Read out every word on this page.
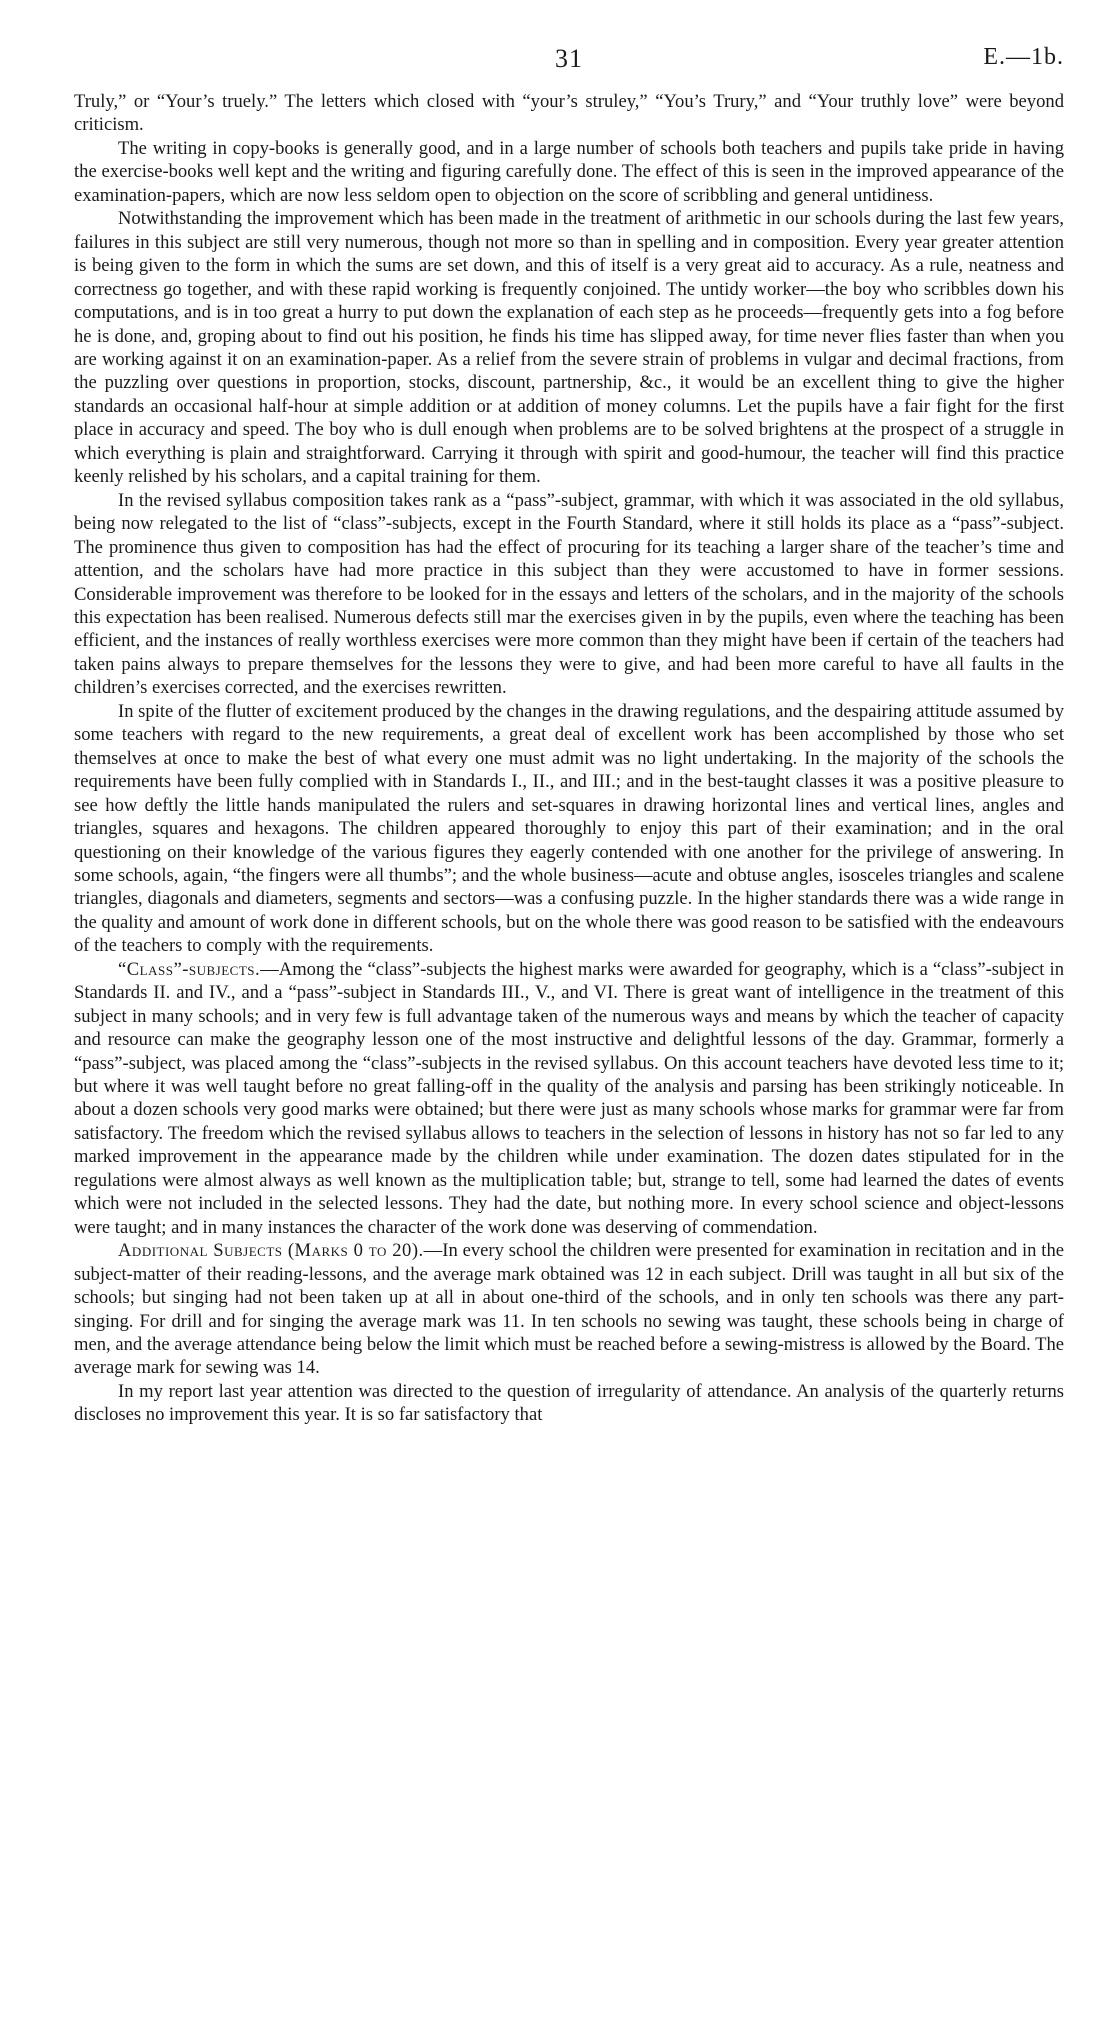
31	E.—1b.

Truly,” or “Your’s truely.” The letters which closed with “your’s struley,” “You’s Trury,” and “Your truthly love” were beyond criticism.

The writing in copy-books is generally good, and in a large number of schools both teachers and pupils take pride in having the exercise-books well kept and the writing and figuring carefully done. The effect of this is seen in the improved appearance of the examination-papers, which are now less seldom open to objection on the score of scribbling and general untidiness.

Notwithstanding the improvement which has been made in the treatment of arithmetic in our schools during the last few years, failures in this subject are still very numerous, though not more so than in spelling and in composition. Every year greater attention is being given to the form in which the sums are set down, and this of itself is a very great aid to accuracy. As a rule, neatness and correctness go together, and with these rapid working is frequently conjoined. The untidy worker—the boy who scribbles down his computations, and is in too great a hurry to put down the explanation of each step as he proceeds—frequently gets into a fog before he is done, and, groping about to find out his position, he finds his time has slipped away, for time never flies faster than when you are working against it on an examination-paper. As a relief from the severe strain of problems in vulgar and decimal fractions, from the puzzling over questions in proportion, stocks, discount, partnership, &c., it would be an excellent thing to give the higher standards an occasional half-hour at simple addition or at addition of money columns. Let the pupils have a fair fight for the first place in accuracy and speed. The boy who is dull enough when problems are to be solved brightens at the prospect of a struggle in which everything is plain and straightforward. Carrying it through with spirit and good-humour, the teacher will find this practice keenly relished by his scholars, and a capital training for them.

In the revised syllabus composition takes rank as a “pass”-subject, grammar, with which it was associated in the old syllabus, being now relegated to the list of “class”-subjects, except in the Fourth Standard, where it still holds its place as a “pass”-subject. The prominence thus given to composition has had the effect of procuring for its teaching a larger share of the teacher’s time and attention, and the scholars have had more practice in this subject than they were accustomed to have in former sessions. Considerable improvement was therefore to be looked for in the essays and letters of the scholars, and in the majority of the schools this expectation has been realised. Numerous defects still mar the exercises given in by the pupils, even where the teaching has been efficient, and the instances of really worthless exercises were more common than they might have been if certain of the teachers had taken pains always to prepare themselves for the lessons they were to give, and had been more careful to have all faults in the children’s exercises corrected, and the exercises rewritten.

In spite of the flutter of excitement produced by the changes in the drawing regulations, and the despairing attitude assumed by some teachers with regard to the new requirements, a great deal of excellent work has been accomplished by those who set themselves at once to make the best of what every one must admit was no light undertaking. In the majority of the schools the requirements have been fully complied with in Standards I., II., and III.; and in the best-taught classes it was a positive pleasure to see how deftly the little hands manipulated the rulers and set-squares in drawing horizontal lines and vertical lines, angles and triangles, squares and hexagons. The children appeared thoroughly to enjoy this part of their examination; and in the oral questioning on their knowledge of the various figures they eagerly contended with one another for the privilege of answering. In some schools, again, “the fingers were all thumbs”; and the whole business—acute and obtuse angles, isosceles triangles and scalene triangles, diagonals and diameters, segments and sectors—was a confusing puzzle. In the higher standards there was a wide range in the quality and amount of work done in different schools, but on the whole there was good reason to be satisfied with the endeavours of the teachers to comply with the requirements.

“Class”-subjects.—Among the “class”-subjects the highest marks were awarded for geography, which is a “class”-subject in Standards II. and IV., and a “pass”-subject in Standards III., V., and VI. There is great want of intelligence in the treatment of this subject in many schools; and in very few is full advantage taken of the numerous ways and means by which the teacher of capacity and resource can make the geography lesson one of the most instructive and delightful lessons of the day. Grammar, formerly a “pass”-subject, was placed among the “class”-subjects in the revised syllabus. On this account teachers have devoted less time to it; but where it was well taught before no great falling-off in the quality of the analysis and parsing has been strikingly noticeable. In about a dozen schools very good marks were obtained; but there were just as many schools whose marks for grammar were far from satisfactory. The freedom which the revised syllabus allows to teachers in the selection of lessons in history has not so far led to any marked improvement in the appearance made by the children while under examination. The dozen dates stipulated for in the regulations were almost always as well known as the multiplication table; but, strange to tell, some had learned the dates of events which were not included in the selected lessons. They had the date, but nothing more. In every school science and object-lessons were taught; and in many instances the character of the work done was deserving of commendation.

Additional Subjects (Marks 0 to 20).—In every school the children were presented for examination in recitation and in the subject-matter of their reading-lessons, and the average mark obtained was 12 in each subject. Drill was taught in all but six of the schools; but singing had not been taken up at all in about one-third of the schools, and in only ten schools was there any part-singing. For drill and for singing the average mark was 11. In ten schools no sewing was taught, these schools being in charge of men, and the average attendance being below the limit which must be reached before a sewing-mistress is allowed by the Board. The average mark for sewing was 14.

In my report last year attention was directed to the question of irregularity of attendance. An analysis of the quarterly returns discloses no improvement this year. It is so far satisfactory that
